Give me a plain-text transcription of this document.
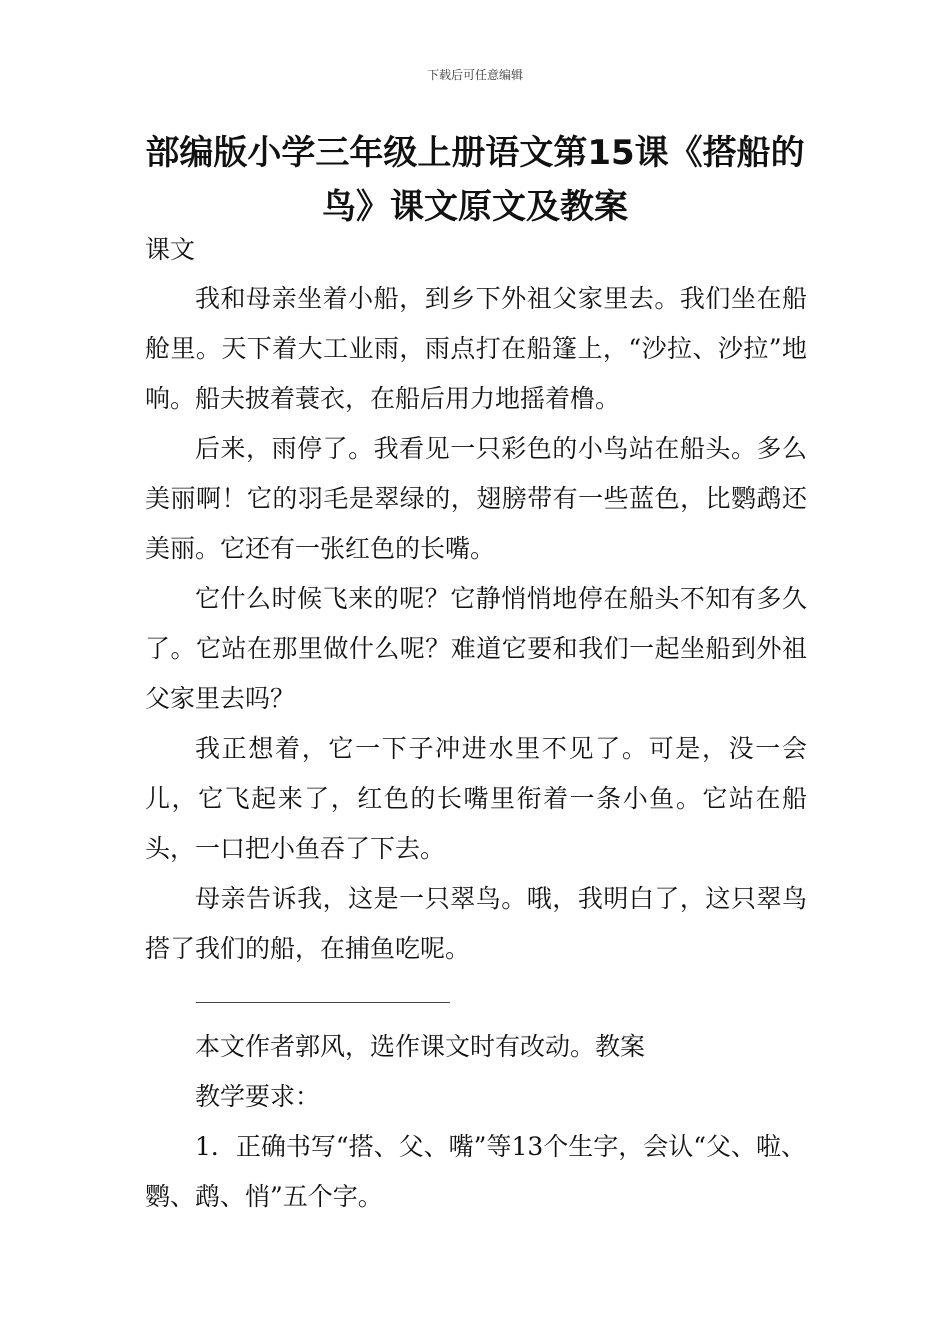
下载后可任意编辑
部编版小学三年级上册语文第15课《搭船的鸟》课文原文及教案
课文

我和母亲坐着小船，到乡下外祖父家里去。我们坐在船舱里。天下着大工业雨，雨点打在船篷上，“沙拉、沙拉”地响。船夫披着蓑衣，在船后用力地摇着橹。

后来，雨停了。我看见一只彩色的小鸟站在船头。多么美丽啊！它的羽毛是翠绿的，翅膀带有一些蓝色，比鹦鹉还美丽。它还有一张红色的长嘴。

它什么时候飞来的呢？它静悄悄地停在船头不知有多久了。它站在那里做什么呢？难道它要和我们一起坐船到外祖父家里去吗？

我正想着，它一下子冲进水里不见了。可是，没一会儿，它飞起来了，红色的长嘴里衔着一条小鱼。它站在船头，一口把小鱼吞了下去。

母亲告诉我，这是一只翠鸟。哦，我明白了，这只翠鸟搭了我们的船，在捕鱼吃呢。

本文作者郭风，选作课文时有改动。教案

教学要求：

1．正确书写“搭、父、嘴”等13个生字，会认“父、啦、鹦、鹉、悄”五个字。
